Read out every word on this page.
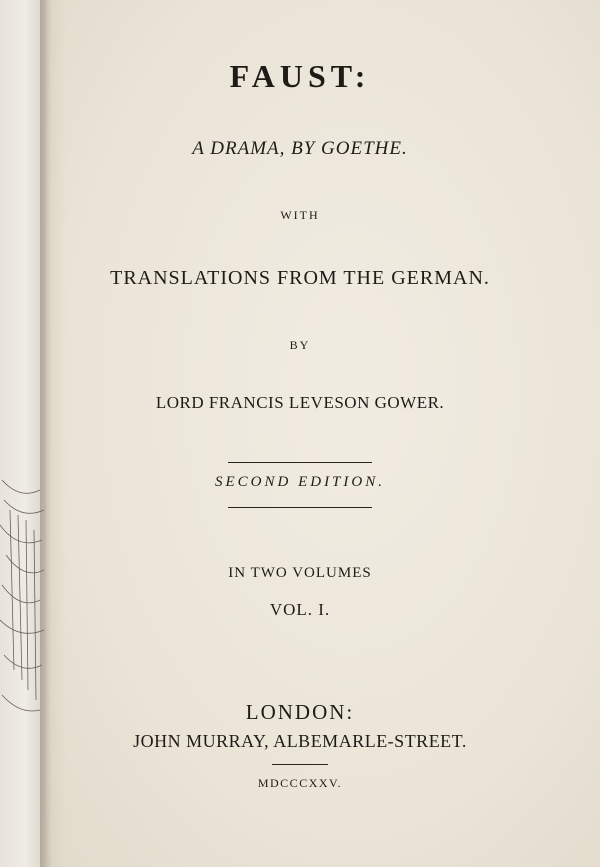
FAUST:
A DRAMA, BY GOETHE.
WITH
TRANSLATIONS FROM THE GERMAN.
BY
LORD FRANCIS LEVESON GOWER.
SECOND EDITION.
IN TWO VOLUMES
VOL. I.
LONDON:
JOHN MURRAY, ALBEMARLE-STREET.
MDCCCXXV.
